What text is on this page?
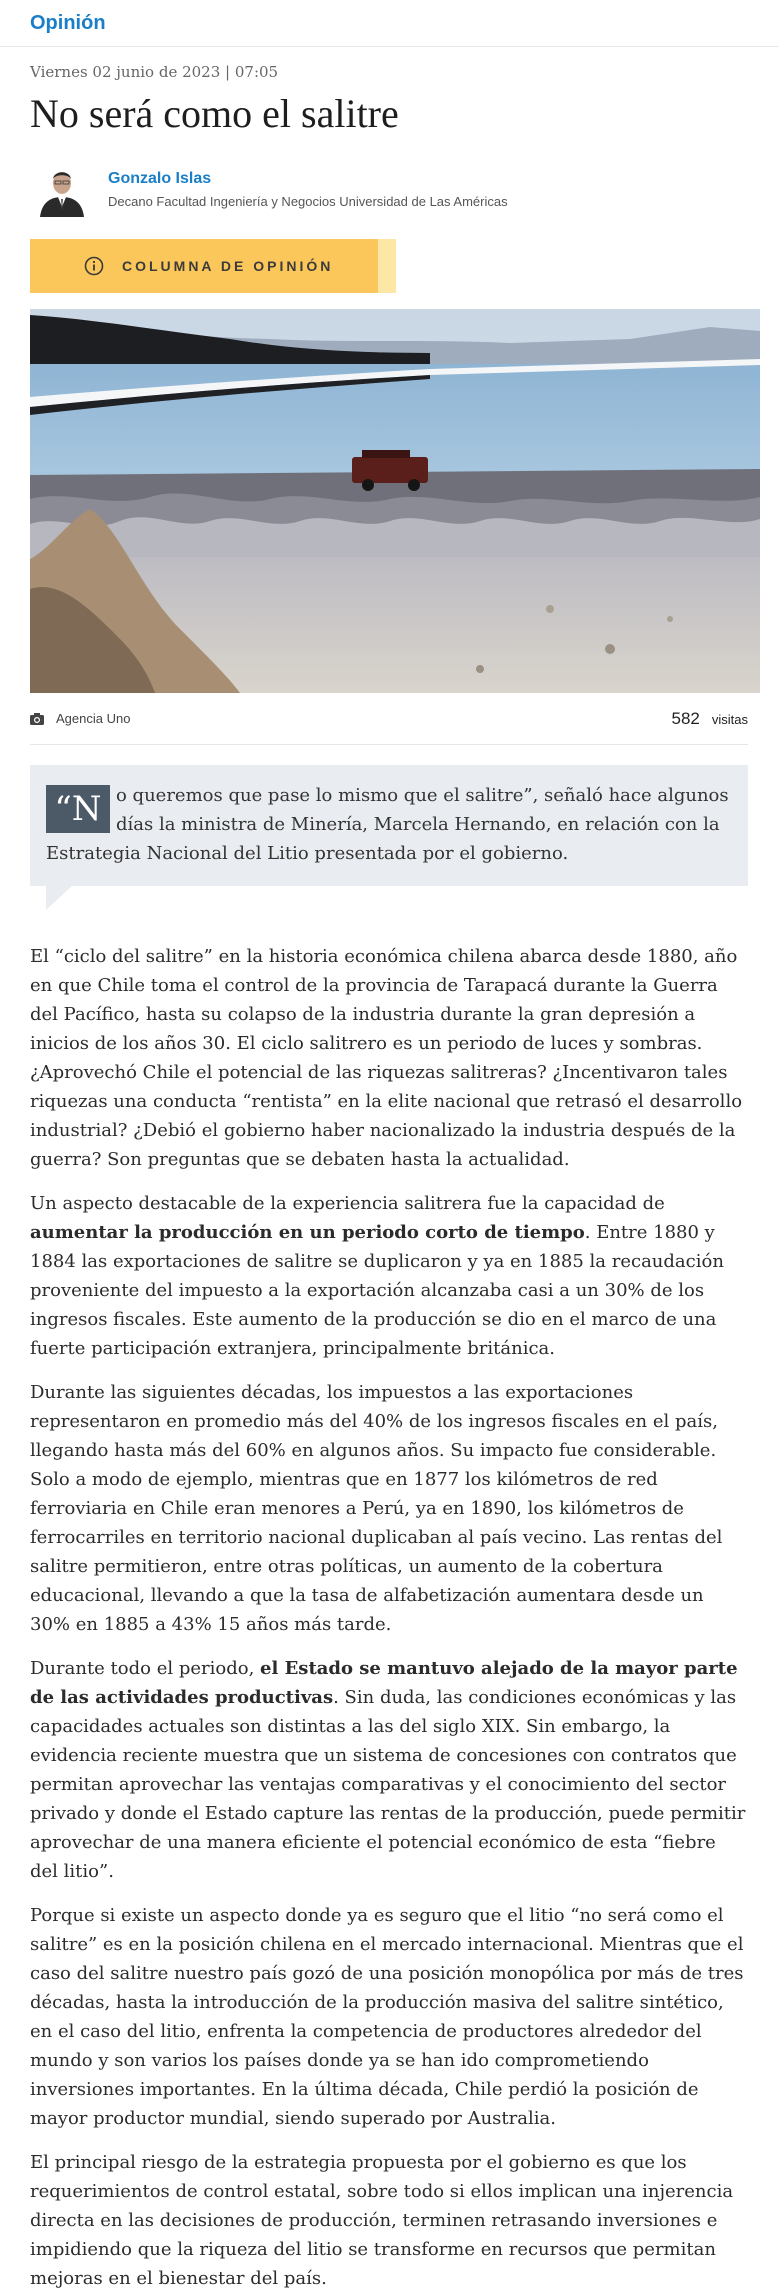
Opinión
Viernes 02 junio de 2023 | 07:05
No será como el salitre
Gonzalo Islas
Decano Facultad Ingeniería y Negocios Universidad de Las Américas
COLUMNA DE OPINIÓN
Agencia Uno	582 visitas
“N o queremos que pase lo mismo que el salitre”, señaló hace algunos días la ministra de Minería, Marcela Hernando, en relación con la Estrategia Nacional del Litio presentada por el gobierno.

El “ciclo del salitre” en la historia económica chilena abarca desde 1880, año en que Chile toma el control de la provincia de Tarapacá durante la Guerra del Pacífico, hasta su colapso de la industria durante la gran depresión a inicios de los años 30. El ciclo salitrero es un periodo de luces y sombras. ¿Aprovechó Chile el potencial de las riquezas salitreras? ¿Incentivaron tales riquezas una conducta “rentista” en la elite nacional que retrasó el desarrollo industrial? ¿Debió el gobierno haber nacionalizado la industria después de la guerra? Son preguntas que se debaten hasta la actualidad.

Un aspecto destacable de la experiencia salitrera fue la capacidad de aumentar la producción en un periodo corto de tiempo. Entre 1880 y 1884 las exportaciones de salitre se duplicaron y ya en 1885 la recaudación proveniente del impuesto a la exportación alcanzaba casi a un 30% de los ingresos fiscales. Este aumento de la producción se dio en el marco de una fuerte participación extranjera, principalmente británica.

Durante las siguientes décadas, los impuestos a las exportaciones representaron en promedio más del 40% de los ingresos fiscales en el país, llegando hasta más del 60% en algunos años. Su impacto fue considerable. Solo a modo de ejemplo, mientras que en 1877 los kilómetros de red ferroviaria en Chile eran menores a Perú, ya en 1890, los kilómetros de ferrocarriles en territorio nacional duplicaban al país vecino. Las rentas del salitre permitieron, entre otras políticas, un aumento de la cobertura educacional, llevando a que la tasa de alfabetización aumentara desde un 30% en 1885 a 43% 15 años más tarde.

Durante todo el periodo, el Estado se mantuvo alejado de la mayor parte de las actividades productivas. Sin duda, las condiciones económicas y las capacidades actuales son distintas a las del siglo XIX. Sin embargo, la evidencia reciente muestra que un sistema de concesiones con contratos que permitan aprovechar las ventajas comparativas y el conocimiento del sector privado y donde el Estado capture las rentas de la producción, puede permitir aprovechar de una manera eficiente el potencial económico de esta “fiebre del litio”.

Porque si existe un aspecto donde ya es seguro que el litio “no será como el salitre” es en la posición chilena en el mercado internacional. Mientras que el caso del salitre nuestro país gozó de una posición monopólica por más de tres décadas, hasta la introducción de la producción masiva del salitre sintético, en el caso del litio, enfrenta la competencia de productores alrededor del mundo y son varios los países donde ya se han ido comprometiendo inversiones importantes. En la última década, Chile perdió la posición de mayor productor mundial, siendo superado por Australia.

El principal riesgo de la estrategia propuesta por el gobierno es que los requerimientos de control estatal, sobre todo si ellos implican una injerencia directa en las decisiones de producción, terminen retrasando inversiones e impidiendo que la riqueza del litio se transforme en recursos que permitan mejoras en el bienestar del país.
